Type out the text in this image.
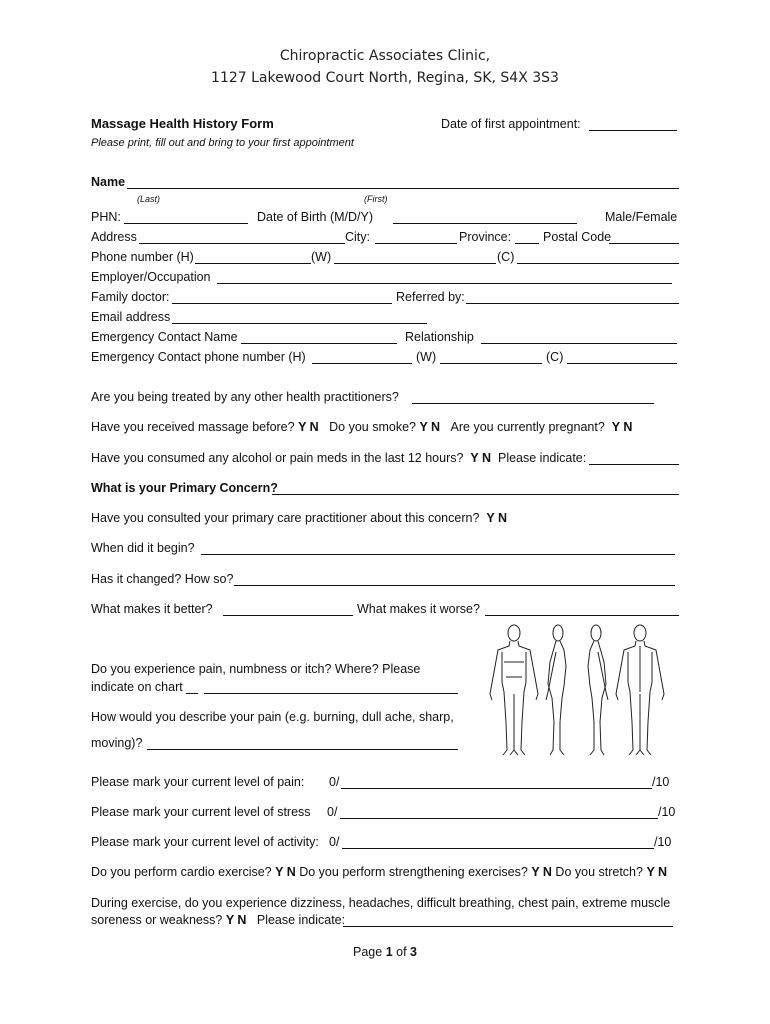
Chiropractic Associates Clinic,
1127 Lakewood Court North, Regina, SK, S4X 3S3
Massage Health History Form
Please print, fill out and bring to your first appointment
Date of first appointment:
Name
(Last)	(First)
PHN:	Date of Birth (M/D/Y)	Male/Female
Address	City:	Province:	Postal Code
Phone number (H)	(W)	(C)
Employer/Occupation
Family doctor:	Referred by:
Email address
Emergency Contact Name	Relationship
Emergency Contact phone number (H)	(W)	(C)
Are you being treated by any other health practitioners?
Have you received massage before? Y N Do you smoke? Y N Are you currently pregnant? Y N
Have you consumed any alcohol or pain meds in the last 12 hours? Y N Please indicate:
What is your Primary Concern?
Have you consulted your primary care practitioner about this concern? Y N
When did it begin?
Has it changed? How so?
What makes it better?	What makes it worse?
Do you experience pain, numbness or itch? Where? Please
indicate on chart
How would you describe your pain (e.g. burning, dull ache, sharp,
moving)?
Please mark your current level of pain: 0/	/10
Please mark your current level of stress 0/	/10
Please mark your current level of activity: 0/	/10
Do you perform cardio exercise? Y N Do you perform strengthening exercises? Y N Do you stretch? Y N
During exercise, do you experience dizziness, headaches, difficult breathing, chest pain, extreme muscle
soreness or weakness? Y N Please indicate:
Page 1 of 3
